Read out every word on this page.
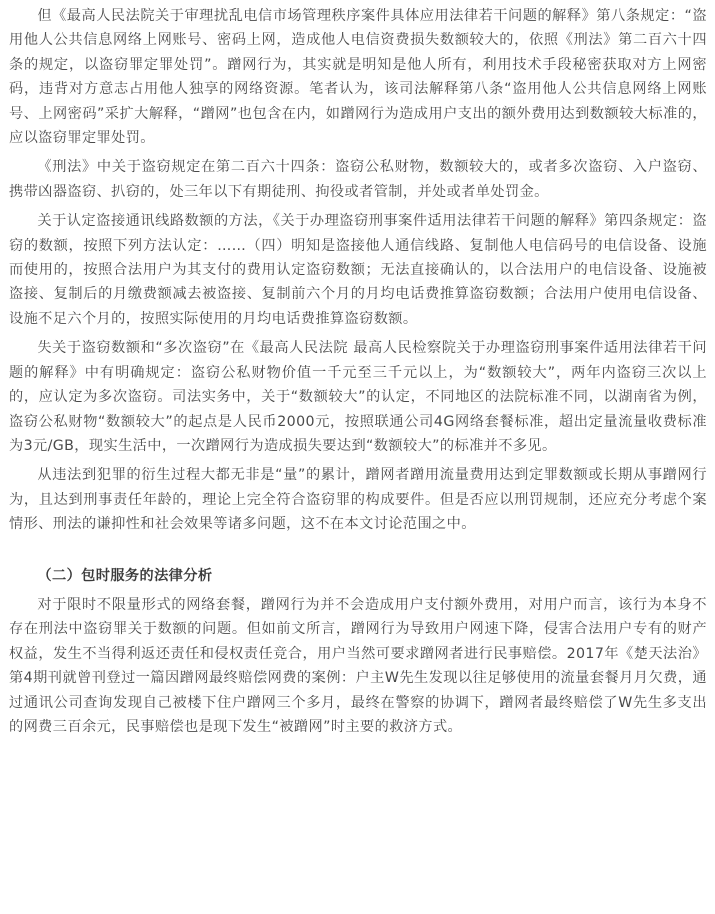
但《最高人民法院关于审理扰乱电信市场管理秩序案件具体应用法律若干问题的解释》第八条规定：“盗用他人公共信息网络上网账号、密码上网，造成他人电信资费损失数额较大的，依照《刑法》第二百六十四条的规定，以盗窃罪定罪处罚”。蹭网行为，其实就是明知是他人所有，利用技术手段秘密获取对方上网密码，违背对方意志占用他人独享的网络资源。笔者认为，该司法解释第八条“盗用他人公共信息网络上网账号、上网密码”采扩大解释，“蹭网”也包含在内，如蹭网行为造成用户支出的额外费用达到数额较大标准的，应以盗窃罪定罪处罚。

《刑法》中关于盗窃规定在第二百六十四条：盗窃公私财物，数额较大的，或者多次盗窃、入户盗窃、携带凶器盗窃、扒窃的，处三年以下有期徒刑、拘役或者管制，并处或者单处罚金。

关于认定盗接通讯线路数额的方法，《关于办理盗窃刑事案件适用法律若干问题的解释》第四条规定：盗窃的数额，按照下列方法认定：……（四）明知是盗接他人通信线路、复制他人电信码号的电信设备、设施而使用的，按照合法用户为其支付的费用认定盗窃数额；无法直接确认的，以合法用户的电信设备、设施被盗接、复制后的月缴费额减去被盗接、复制前六个月的月均电话费推算盗窃数额；合法用户使用电信设备、设施不足六个月的，按照实际使用的月均电话费推算盗窃数额。

失关于盗窃数额和“多次盗窃”在《最高人民法院 最高人民检察院关于办理盗窃刑事案件适用法律若干问题的解释》中有明确规定：盗窃公私财物价值一千元至三千元以上，为“数额较大”，两年内盗窃三次以上的，应认定为多次盗窃。司法实务中，关于“数额较大”的认定，不同地区的法院标准不同，以湖南省为例，盗窃公私财物“数额较大”的起点是人民币2000元，按照联通公司4G网络套餐标准，超出定量流量收费标准为3元/GB，现实生活中，一次蹭网行为造成损失要达到“数额较大”的标准并不多见。

从违法到犯罪的衍生过程大都无非是“量”的累计，蹭网者蹭用流量费用达到定罪数额或长期从事蹭网行为，且达到刑事责任年龄的，理论上完全符合盗窃罪的构成要件。但是否应以刑罚规制，还应充分考虑个案情形、刑法的谦抑性和社会效果等诸多问题，这不在本文讨论范围之中。

（二）包时服务的法律分析

对于限时不限量形式的网络套餐，蹭网行为并不会造成用户支付额外费用，对用户而言，该行为本身不存在刑法中盗窃罪关于数额的问题。但如前文所言，蹭网行为导致用户网速下降，侵害合法用户专有的财产权益，发生不当得利返还责任和侵权责任竞合，用户当然可要求蹭网者进行民事赔偿。2017年《楚天法治》第4期刊就曾刊登过一篇因蹭网最终赔偿网费的案例：户主W先生发现以往足够使用的流量套餐月月欠费，通过通讯公司查询发现自己被楼下住户蹭网三个多月，最终在警察的协调下，蹭网者最终赔偿了W先生多支出的网费三百余元，民事赔偿也是现下发生“被蹭网”时主要的救济方式。
